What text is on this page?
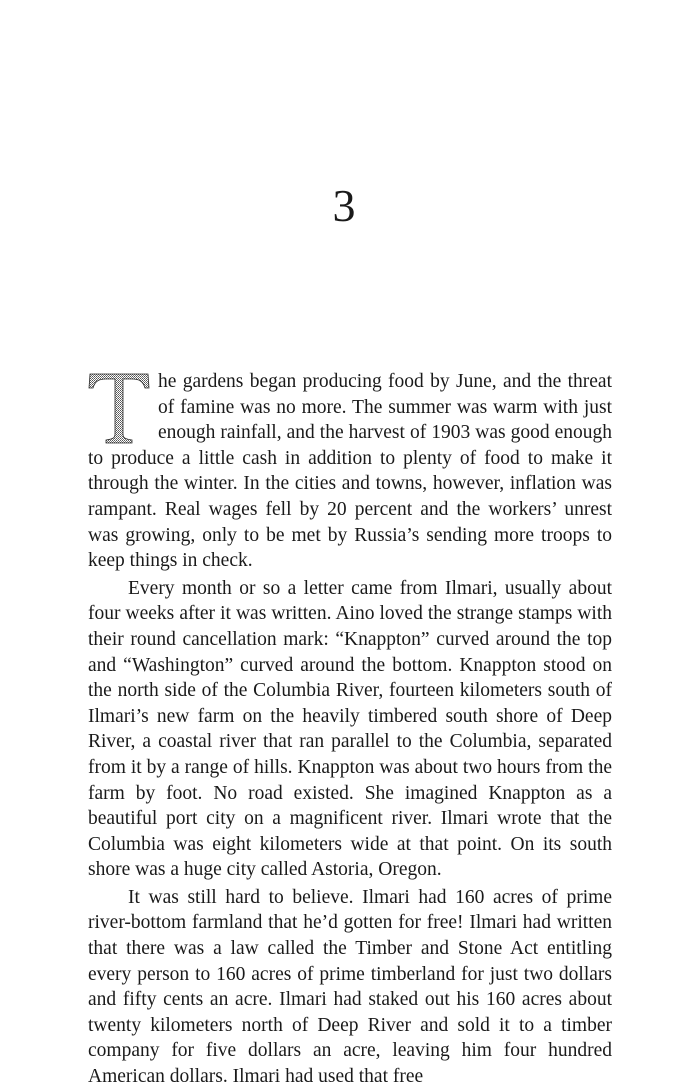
3

he gardens began producing food by June, and the threat of famine was no more. The summer was warm with just enough rainfall, and the harvest of 1903 was good enough to produce a little cash in addition to plenty of food to make it through the winter. In the cities and towns, however, inflation was rampant. Real wages fell by 20 percent and the workers’ unrest was growing, only to be met by Russia’s sending more troops to keep things in check.

Every month or so a letter came from Ilmari, usually about four weeks after it was written. Aino loved the strange stamps with their round cancellation mark: “Knappton” curved around the top and “Washington” curved around the bottom. Knappton stood on the north side of the Columbia River, fourteen kilometers south of Ilmari’s new farm on the heavily timbered south shore of Deep River, a coastal river that ran parallel to the Columbia, separated from it by a range of hills. Knappton was about two hours from the farm by foot. No road existed. She imagined Knappton as a beautiful port city on a magnificent river. Ilmari wrote that the Columbia was eight kilometers wide at that point. On its south shore was a huge city called Astoria, Oregon.

It was still hard to believe. Ilmari had 160 acres of prime river-bottom farmland that he’d gotten for free! Ilmari had written that there was a law called the Timber and Stone Act entitling every person to 160 acres of prime timberland for just two dollars and fifty cents an acre. Ilmari had staked out his 160 acres about twenty kilometers north of Deep River and sold it to a timber company for five dollars an acre, leaving him four hundred American dollars. Ilmari had used that free
